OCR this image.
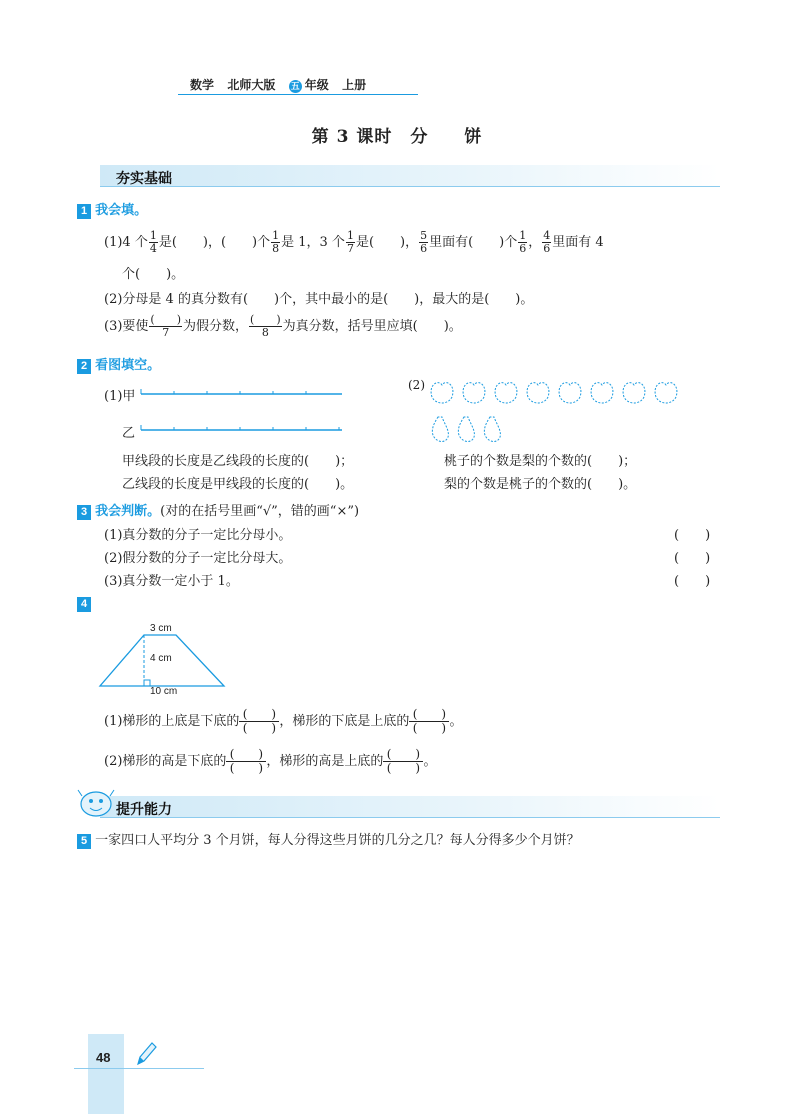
数学 北师大版 五 年级 上册
第 3 课时　分　　饼
夯实基础
1 我会填。
(1)4 个 $\frac{1}{4}$ 是(　　)，(　　)个 $\frac{1}{8}$ 是 1，3 个 $\frac{1}{7}$ 是(　　)， $\frac{5}{6}$ 里面有(　　)个 $\frac{1}{6}$ ， $\frac{4}{6}$ 里面有 4
个(　　)。
(2)分母是 4 的真分数有(　　)个，其中最小的是(　　)，最大的是(　　)。
(3)要使 $\frac{( )}{7}$ 为假分数， $\frac{( )}{8}$ 为真分数，括号里应填(　　)。
2 看图填空。
(1)甲
乙
(2)
甲线段的长度是乙线段的长度的(　　)；	桃子的个数是梨的个数的(　　)；
乙线段的长度是甲线段的长度的(　　)。	梨的个数是桃子的个数的(　　)。
3 我会判断。(对的在括号里画“√”，错的画“×”)
(1)真分数的分子一定比分母小。	(　　)
(2)假分数的分子一定比分母大。	(　　)
(3)真分数一定小于 1。	(　　)
4
3 cm
4 cm
10 cm
(1)梯形的上底是下底的 (　　)
(　　) ，梯形的下底是上底的 (　　)
(　　) 。
(2)梯形的高是下底的 (　　)
(　　) ，梯形的高是上底的 (　　)
(　　) 。
提升能力
5 一家四口人平均分 3 个月饼，每人分得这些月饼的几分之几？每人分得多少个月饼？
48
